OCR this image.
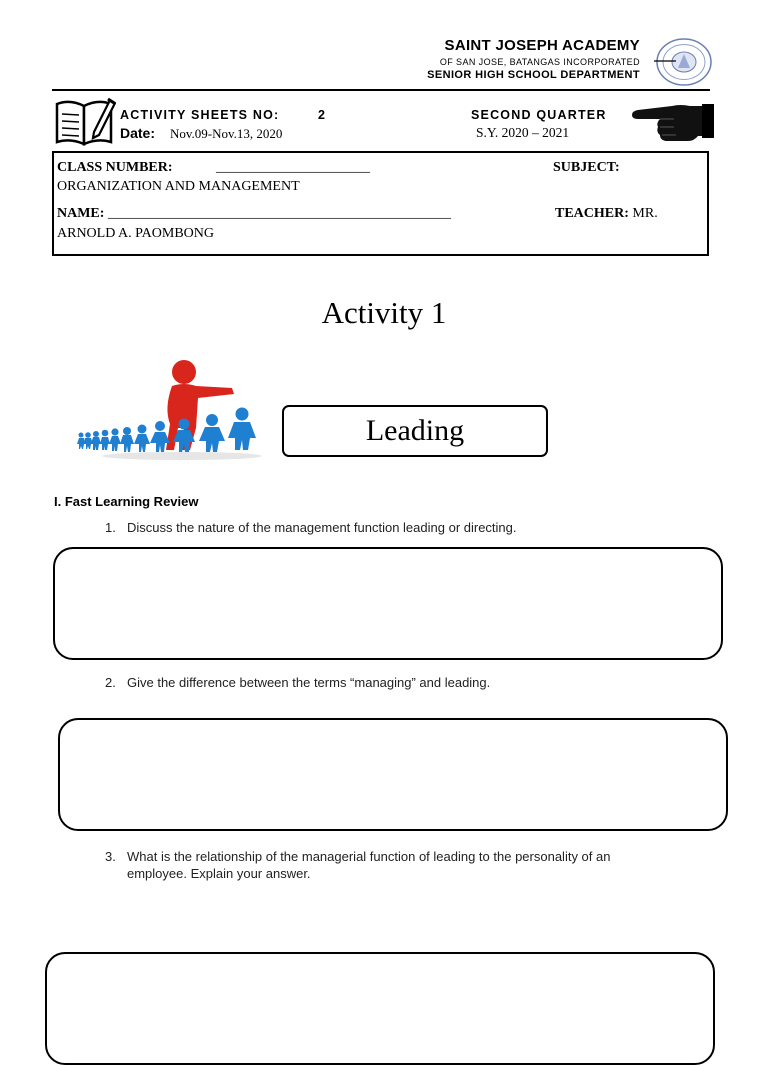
SAINT JOSEPH ACADEMY
OF SAN JOSE, BATANGAS INCORPORATED
SENIOR HIGH SCHOOL DEPARTMENT
ACTIVITY SHEETS NO:	2
Date: Nov.09-Nov.13, 2020
SECOND QUARTER
S.Y. 2020 – 2021
CLASS NUMBER:	______________________	SUBJECT:
ORGANIZATION AND MANAGEMENT
NAME: _________________________________________________	TEACHER: MR.
ARNOLD A. PAOMBONG
Activity 1
Leading
I. Fast Learning Review
1. Discuss the nature of the management function leading or directing.
2. Give the difference between the terms “managing” and leading.
3. What is the relationship of the managerial function of leading to the personality of an
employee. Explain your answer.
